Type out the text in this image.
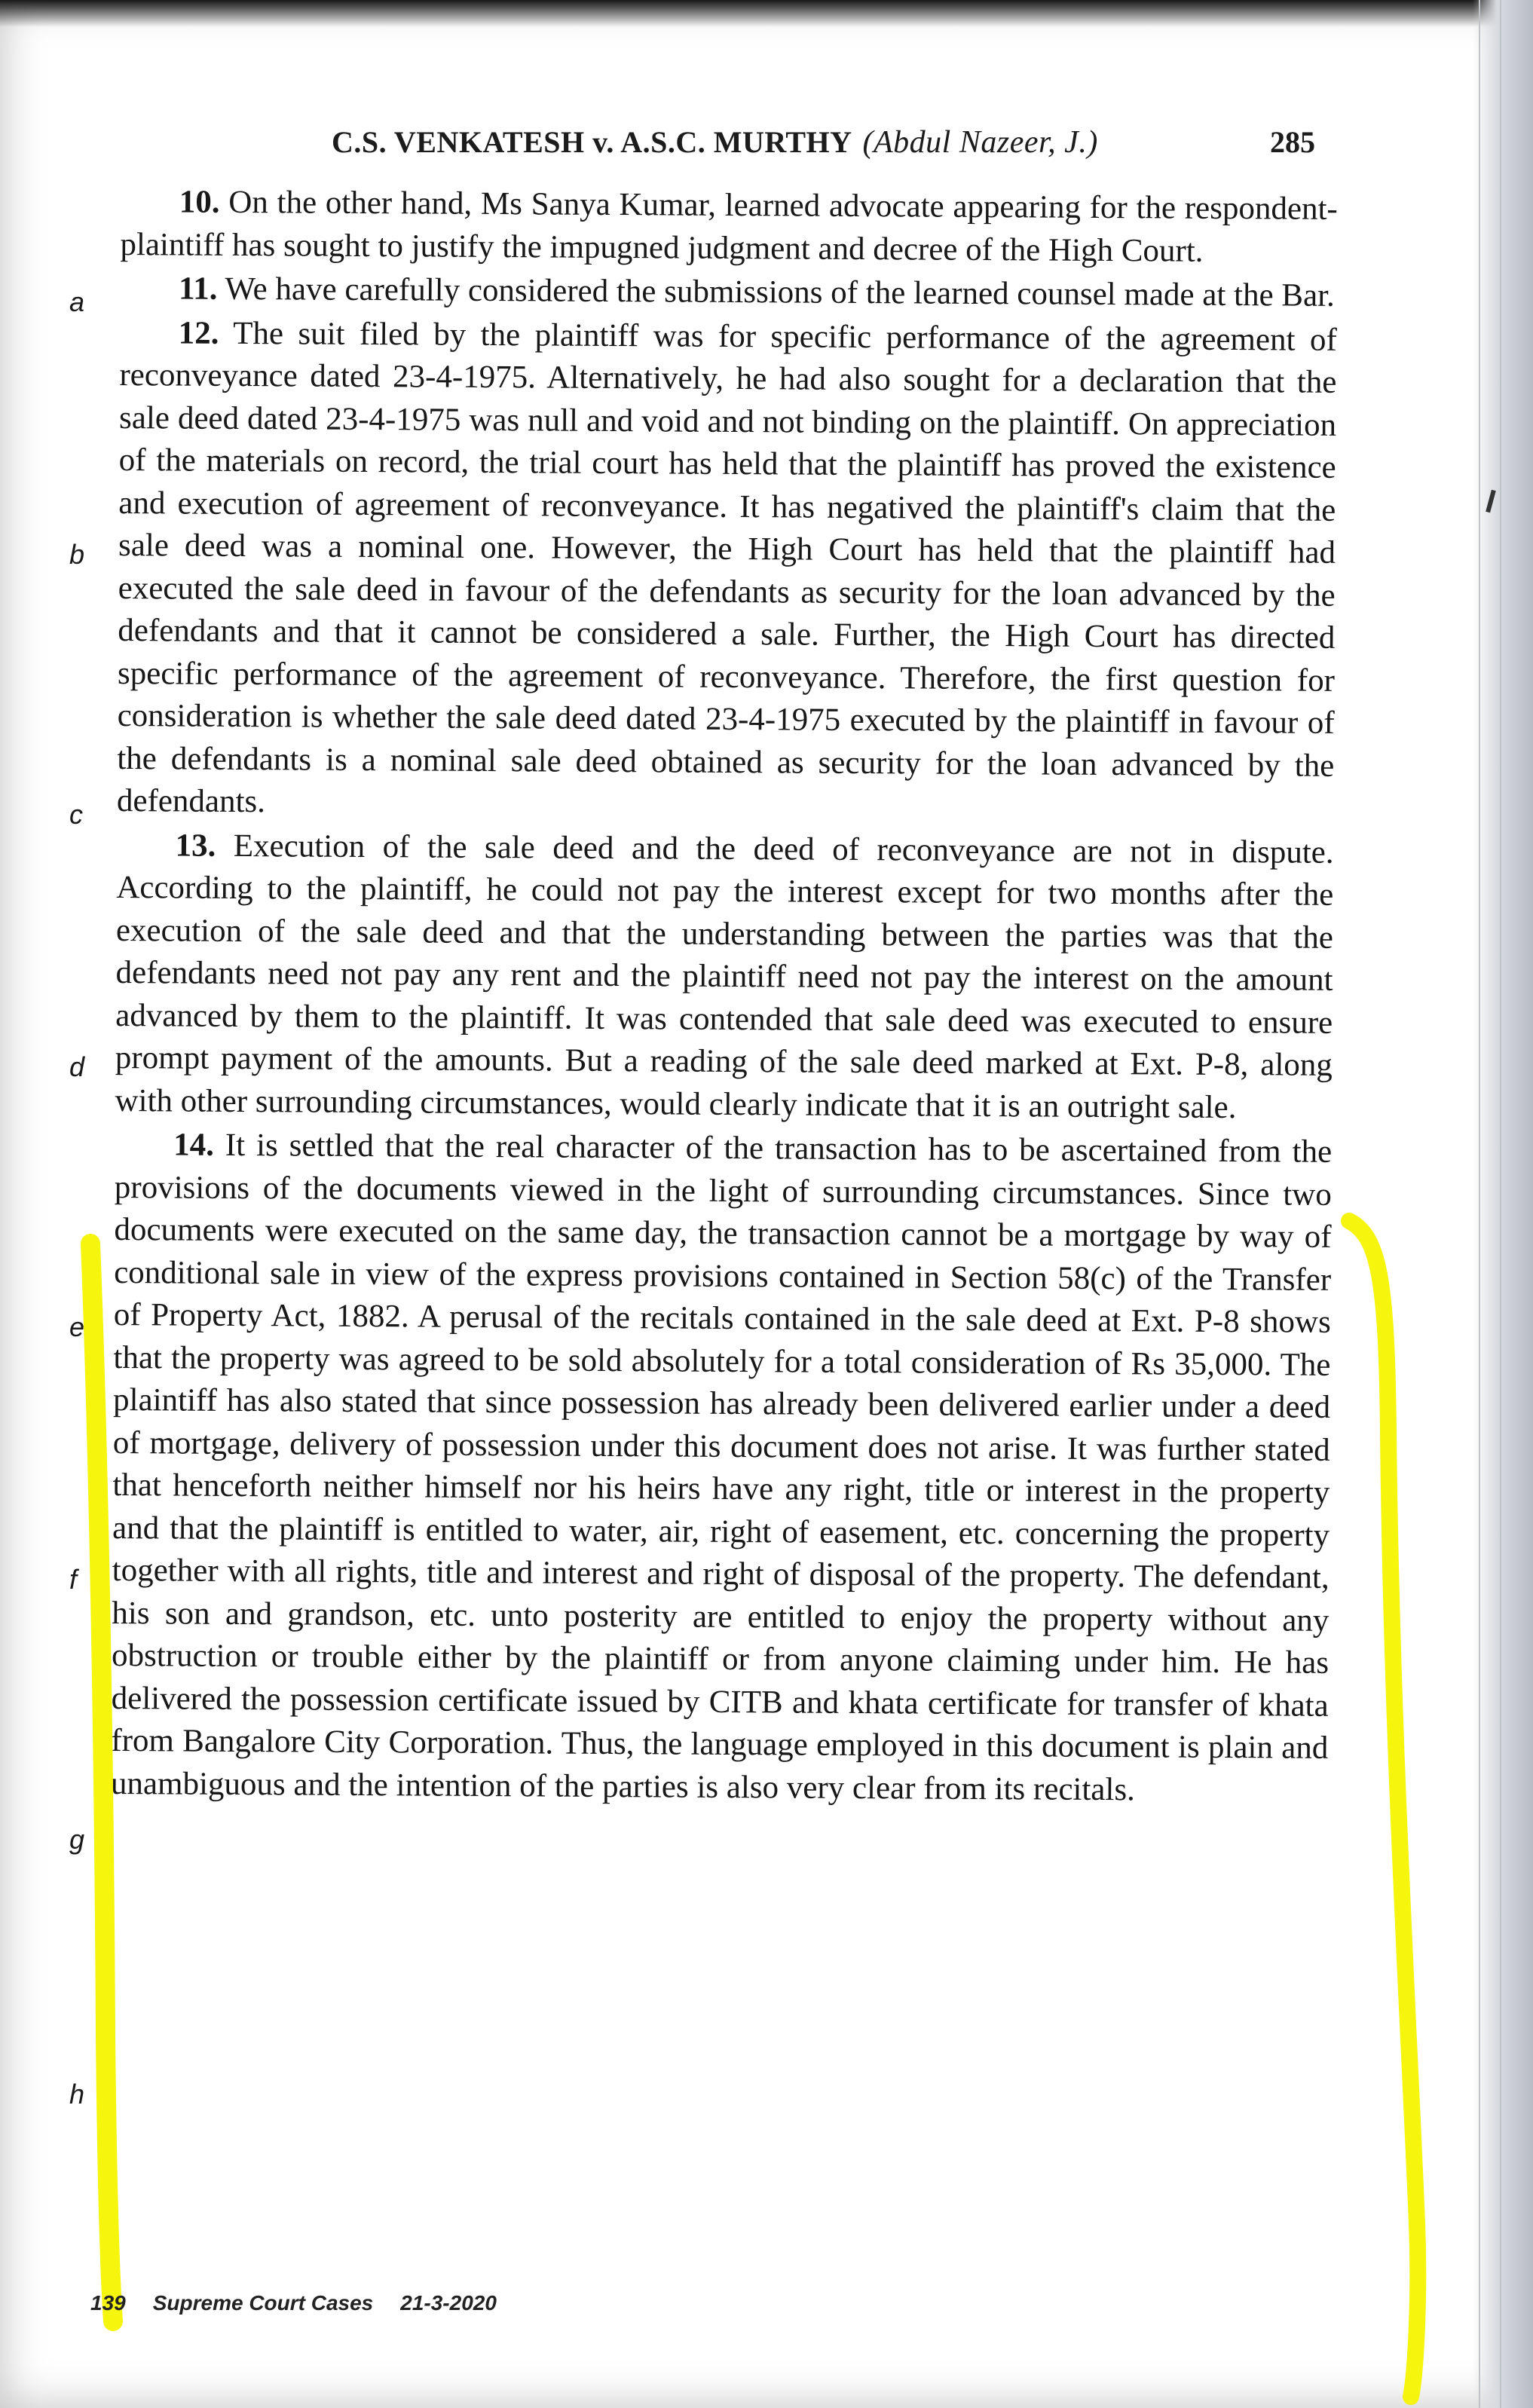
C.S. VENKATESH v. A.S.C. MURTHY (Abdul Nazeer, J.)	285

10. On the other hand, Ms Sanya Kumar, learned advocate appearing for the respondent-plaintiff has sought to justify the impugned judgment and decree of the High Court.

11. We have carefully considered the submissions of the learned counsel made at the Bar.

12. The suit filed by the plaintiff was for specific performance of the agreement of reconveyance dated 23-4-1975. Alternatively, he had also sought for a declaration that the sale deed dated 23-4-1975 was null and void and not binding on the plaintiff. On appreciation of the materials on record, the trial court has held that the plaintiff has proved the existence and execution of agreement of reconveyance. It has negatived the plaintiff's claim that the sale deed was a nominal one. However, the High Court has held that the plaintiff had executed the sale deed in favour of the defendants as security for the loan advanced by the defendants and that it cannot be considered a sale. Further, the High Court has directed specific performance of the agreement of reconveyance. Therefore, the first question for consideration is whether the sale deed dated 23-4-1975 executed by the plaintiff in favour of the defendants is a nominal sale deed obtained as security for the loan advanced by the defendants.

13. Execution of the sale deed and the deed of reconveyance are not in dispute. According to the plaintiff, he could not pay the interest except for two months after the execution of the sale deed and that the understanding between the parties was that the defendants need not pay any rent and the plaintiff need not pay the interest on the amount advanced by them to the plaintiff. It was contended that sale deed was executed to ensure prompt payment of the amounts. But a reading of the sale deed marked at Ext. P-8, along with other surrounding circumstances, would clearly indicate that it is an outright sale.

14. It is settled that the real character of the transaction has to be ascertained from the provisions of the documents viewed in the light of surrounding circumstances. Since two documents were executed on the same day, the transaction cannot be a mortgage by way of conditional sale in view of the express provisions contained in Section 58(c) of the Transfer of Property Act, 1882. A perusal of the recitals contained in the sale deed at Ext. P-8 shows that the property was agreed to be sold absolutely for a total consideration of Rs 35,000. The plaintiff has also stated that since possession has already been delivered earlier under a deed of mortgage, delivery of possession under this document does not arise. It was further stated that henceforth neither himself nor his heirs have any right, title or interest in the property and that the plaintiff is entitled to water, air, right of easement, etc. concerning the property together with all rights, title and interest and right of disposal of the property. The defendant, his son and grandson, etc. unto posterity are entitled to enjoy the property without any obstruction or trouble either by the plaintiff or from anyone claiming under him. He has delivered the possession certificate issued by CITB and khata certificate for transfer of khata from Bangalore City Corporation. Thus, the language employed in this document is plain and unambiguous and the intention of the parties is also very clear from its recitals.

a
b
c
d
e
f
g
h
139 Supreme Court Cases 21-3-2020
